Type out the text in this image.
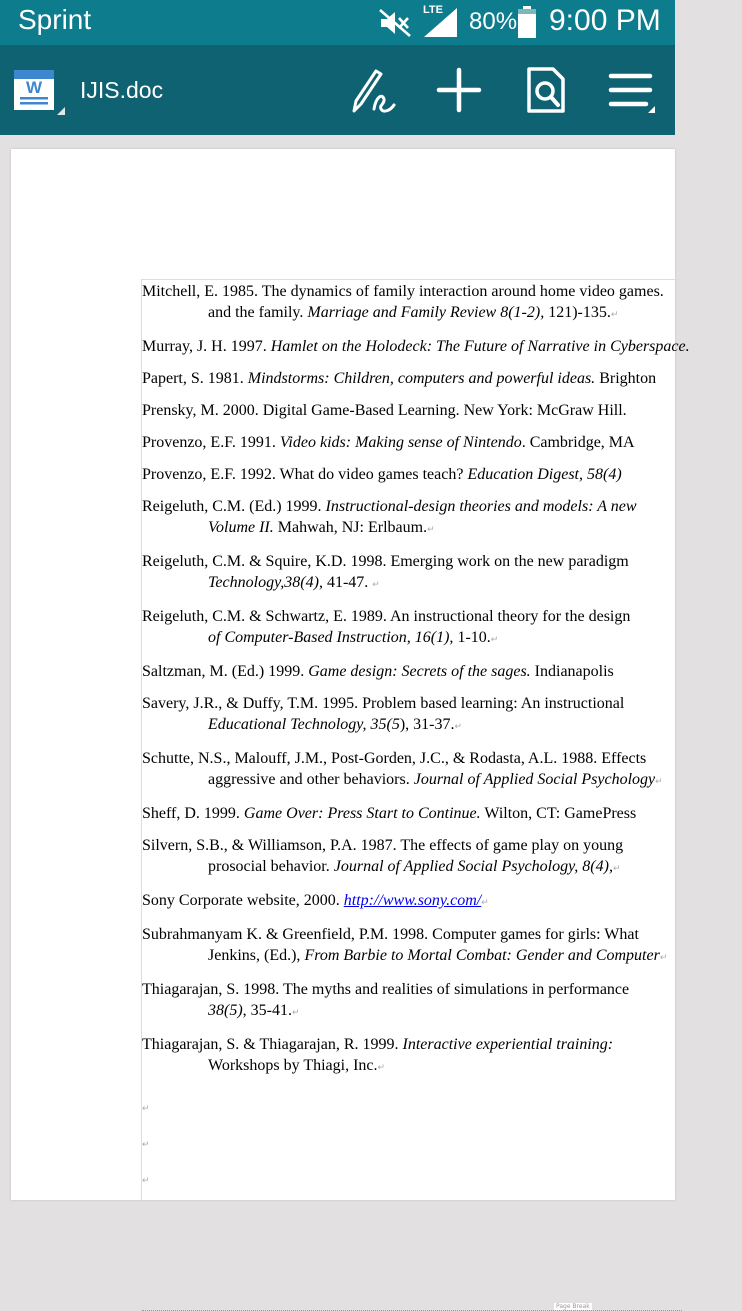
Sprint	LTE 80% 9:00 PM
W IJIS.doc
Mitchell, E. 1985. The dynamics of family interaction around home video games.
and the family. Marriage and Family Review 8(1-2), 121)-135.↵
Murray, J. H. 1997. Hamlet on the Holodeck: The Future of Narrative in Cyberspace.
Papert, S. 1981. Mindstorms: Children, computers and powerful ideas. Brighton
Prensky, M. 2000. Digital Game-Based Learning. New York: McGraw Hill.
Provenzo, E.F. 1991. Video kids: Making sense of Nintendo. Cambridge, MA
Provenzo, E.F. 1992. What do video games teach? Education Digest, 58(4)
Reigeluth, C.M. (Ed.) 1999. Instructional-design theories and models: A new
Volume II. Mahwah, NJ: Erlbaum.↵
Reigeluth, C.M. & Squire, K.D. 1998. Emerging work on the new paradigm
Technology,38(4), 41-47. ↵
Reigeluth, C.M. & Schwartz, E. 1989. An instructional theory for the design
of Computer-Based Instruction, 16(1), 1-10.↵
Saltzman, M. (Ed.) 1999. Game design: Secrets of the sages. Indianapolis
Savery, J.R., & Duffy, T.M. 1995. Problem based learning: An instructional
Educational Technology, 35(5), 31-37.↵
Schutte, N.S., Malouff, J.M., Post-Gorden, J.C., & Rodasta, A.L. 1988. Effects
aggressive and other behaviors. Journal of Applied Social Psychology↵
Sheff, D. 1999. Game Over: Press Start to Continue. Wilton, CT: GamePress
Silvern, S.B., & Williamson, P.A. 1987. The effects of game play on young
prosocial behavior. Journal of Applied Social Psychology, 8(4),↵
Sony Corporate website, 2000. http://www.sony.com/↵
Subrahmanyam K. & Greenfield, P.M. 1998. Computer games for girls: What
Jenkins, (Ed.), From Barbie to Mortal Combat: Gender and Computer↵
Thiagarajan, S. 1998. The myths and realities of simulations in performance
38(5), 35-41.↵
Thiagarajan, S. & Thiagarajan, R. 1999. Interactive experiential training:
Workshops by Thiagi, Inc.↵
↵
↵
↵
Page Break
